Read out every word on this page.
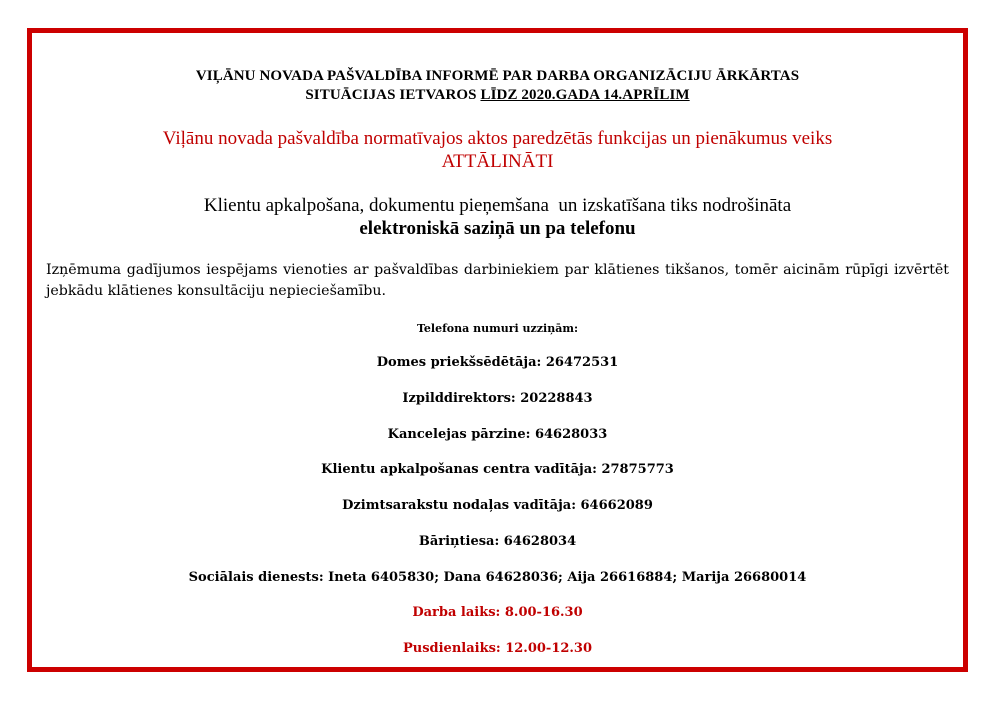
VIĻĀNU NOVADA PAŠVALDĪBA INFORMĒ PAR DARBA ORGANIZĀCIJU ĀRKĀRTAS
SITUĀCIJAS IETVAROS LĪDZ 2020.GADA 14.APRĪLIM
Viļānu novada pašvaldība normatīvajos aktos paredzētās funkcijas un pienākumus veiks
ATTĀLINĀTI
Klientu apkalpošana, dokumentu pieņemšana  un izskatīšana tiks nodrošināta
elektroniskā saziņā un pa telefonu
Izņēmuma gadījumos iespējams vienoties ar pašvaldības darbiniekiem par klātienes tikšanos, tomēr aicinām rūpīgi izvērtēt jebkādu klātienes konsultāciju nepieciešamību.
Telefona numuri uzziņām:
Domes priekšsēdētāja: 26472531
Izpilddirektors: 20228843
Kancelejas pārzine: 64628033
Klientu apkalpošanas centra vadītāja: 27875773
Dzimtsarakstu nodaļas vadītāja: 64662089
Bāriņtiesa: 64628034
Sociālais dienests: Ineta 6405830; Dana 64628036; Aija 26616884; Marija 26680014
Darba laiks: 8.00-16.30
Pusdienlaiks: 12.00-12.30
